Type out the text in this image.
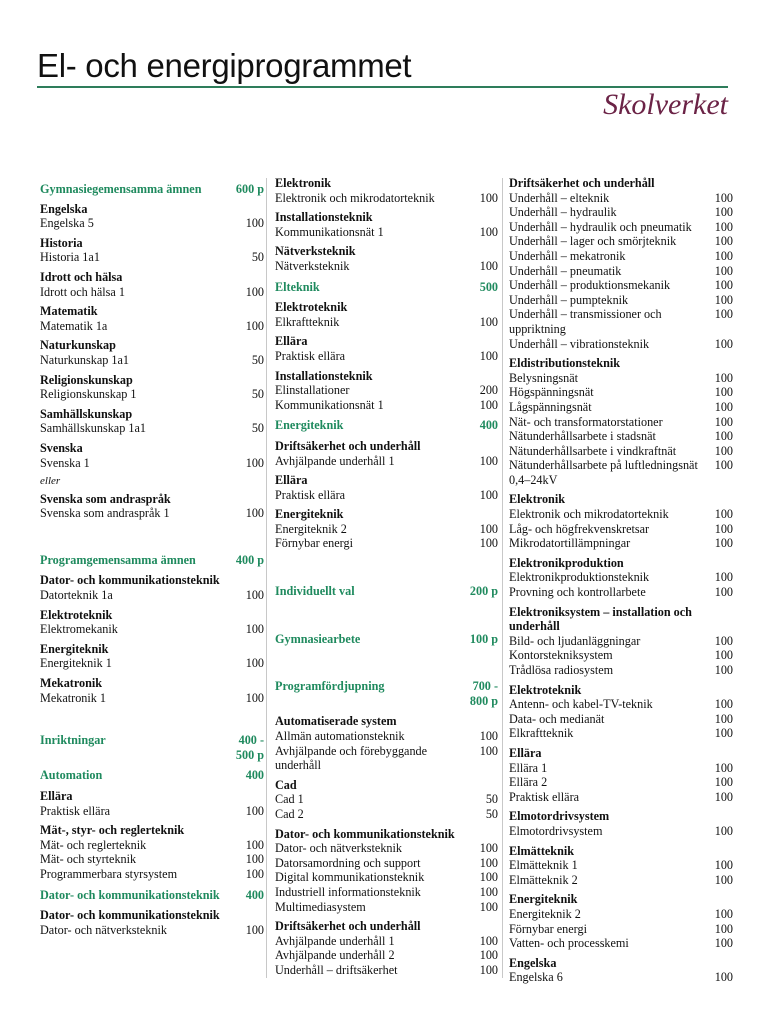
El- och energiprogrammet
Skolverket
Gymnasiegemensamma ämnen	600 p
Engelska
Engelska 5	100
Historia
Historia 1a1	50
Idrott och hälsa
Idrott och hälsa 1	100
Matematik
Matematik 1a	100
Naturkunskap
Naturkunskap 1a1	50
Religionskunskap
Religionskunskap 1	50
Samhällskunskap
Samhällskunskap 1a1	50
Svenska
Svenska 1	100
eller
Svenska som andraspråk
Svenska som andraspråk 1	100
Programgemensamma ämnen	400 p
Dator- och kommunikationsteknik
Datorteknik 1a	100
Elektroteknik
Elektromekanik	100
Energiteknik
Energiteknik 1	100
Mekatronik
Mekatronik 1	100
Inriktningar	400 -
500 p
Automation	400
Ellära
Praktisk ellära	100
Mät-, styr- och reglerteknik
Mät- och reglerteknik	100
Mät- och styrteknik	100
Programmerbara styrsystem	100
Dator- och kommunikationsteknik 400
Dator- och kommunikationsteknik
Dator- och nätverksteknik	100
Elektronik
Elektronik och mikrodatorteknik	100
Installationsteknik
Kommunikationsnät 1	100
Nätverksteknik
Nätverksteknik	100
Elteknik	500
Elektroteknik
Elkraftteknik	100
Ellära
Praktisk ellära	100
Installationsteknik
Elinstallationer	200
Kommunikationsnät 1	100
Energiteknik	400
Driftsäkerhet och underhåll
Avhjälpande underhåll 1	100
Ellära
Praktisk ellära	100
Energiteknik
Energiteknik 2	100
Förnybar energi	100
Individuellt val	200 p
Gymnasiearbete	100 p
Programfördjupning	700 -
800 p
Automatiserade system
Allmän automationsteknik	100
Avhjälpande och förebyggande underhåll
100
Cad
Cad 1	50
Cad 2	50
Dator- och kommunikationsteknik
Dator- och nätverksteknik	100
Datorsamordning och support	100
Digital kommunikationsteknik	100
Industriell informationsteknik	100
Multimediasystem	100
Driftsäkerhet och underhåll
Avhjälpande underhåll 1	100
Avhjälpande underhåll 2	100
Underhåll – driftsäkerhet	100
Driftsäkerhet och underhåll
Underhåll – elteknik	100
Underhåll – hydraulik	100
Underhåll – hydraulik och pneumatik	100
Underhåll – lager och smörjteknik	100
Underhåll – mekatronik	100
Underhåll – pneumatik	100
Underhåll – produktionsmekanik	100
Underhåll – pumpteknik	100
Underhåll – transmissioner och uppriktning
100
Underhåll – vibrationsteknik	100
Eldistributionsteknik
Belysningsnät	100
Högspänningsnät	100
Lågspänningsnät	100
Nät- och transformatorstationer	100
Nätunderhållsarbete i stadsnät	100
Nätunderhållsarbete i vindkraftnät	100
Nätunderhållsarbete på luftledningsnät 0,4–24kV
100
Elektronik
Elektronik och mikrodatorteknik	100
Låg- och högfrekvenskretsar	100
Mikrodatortillämpningar	100
Elektronikproduktion
Elektronikproduktionsteknik	100
Provning och kontrollarbete	100
Elektroniksystem – installation och underhåll
Bild- och ljudanläggningar	100
Kontorstekniksystem	100
Trådlösa radiosystem	100
Elektroteknik
Antenn- och kabel-TV-teknik	100
Data- och medianät	100
Elkraftteknik	100
Ellära
Ellära 1	100
Ellära 2	100
Praktisk ellära	100
Elmotordrivsystem
Elmotordrivsystem	100
Elmätteknik
Elmätteknik 1	100
Elmätteknik 2	100
Energiteknik
Energiteknik 2	100
Förnybar energi	100
Vatten- och processkemi	100
Engelska
Engelska 6	100
